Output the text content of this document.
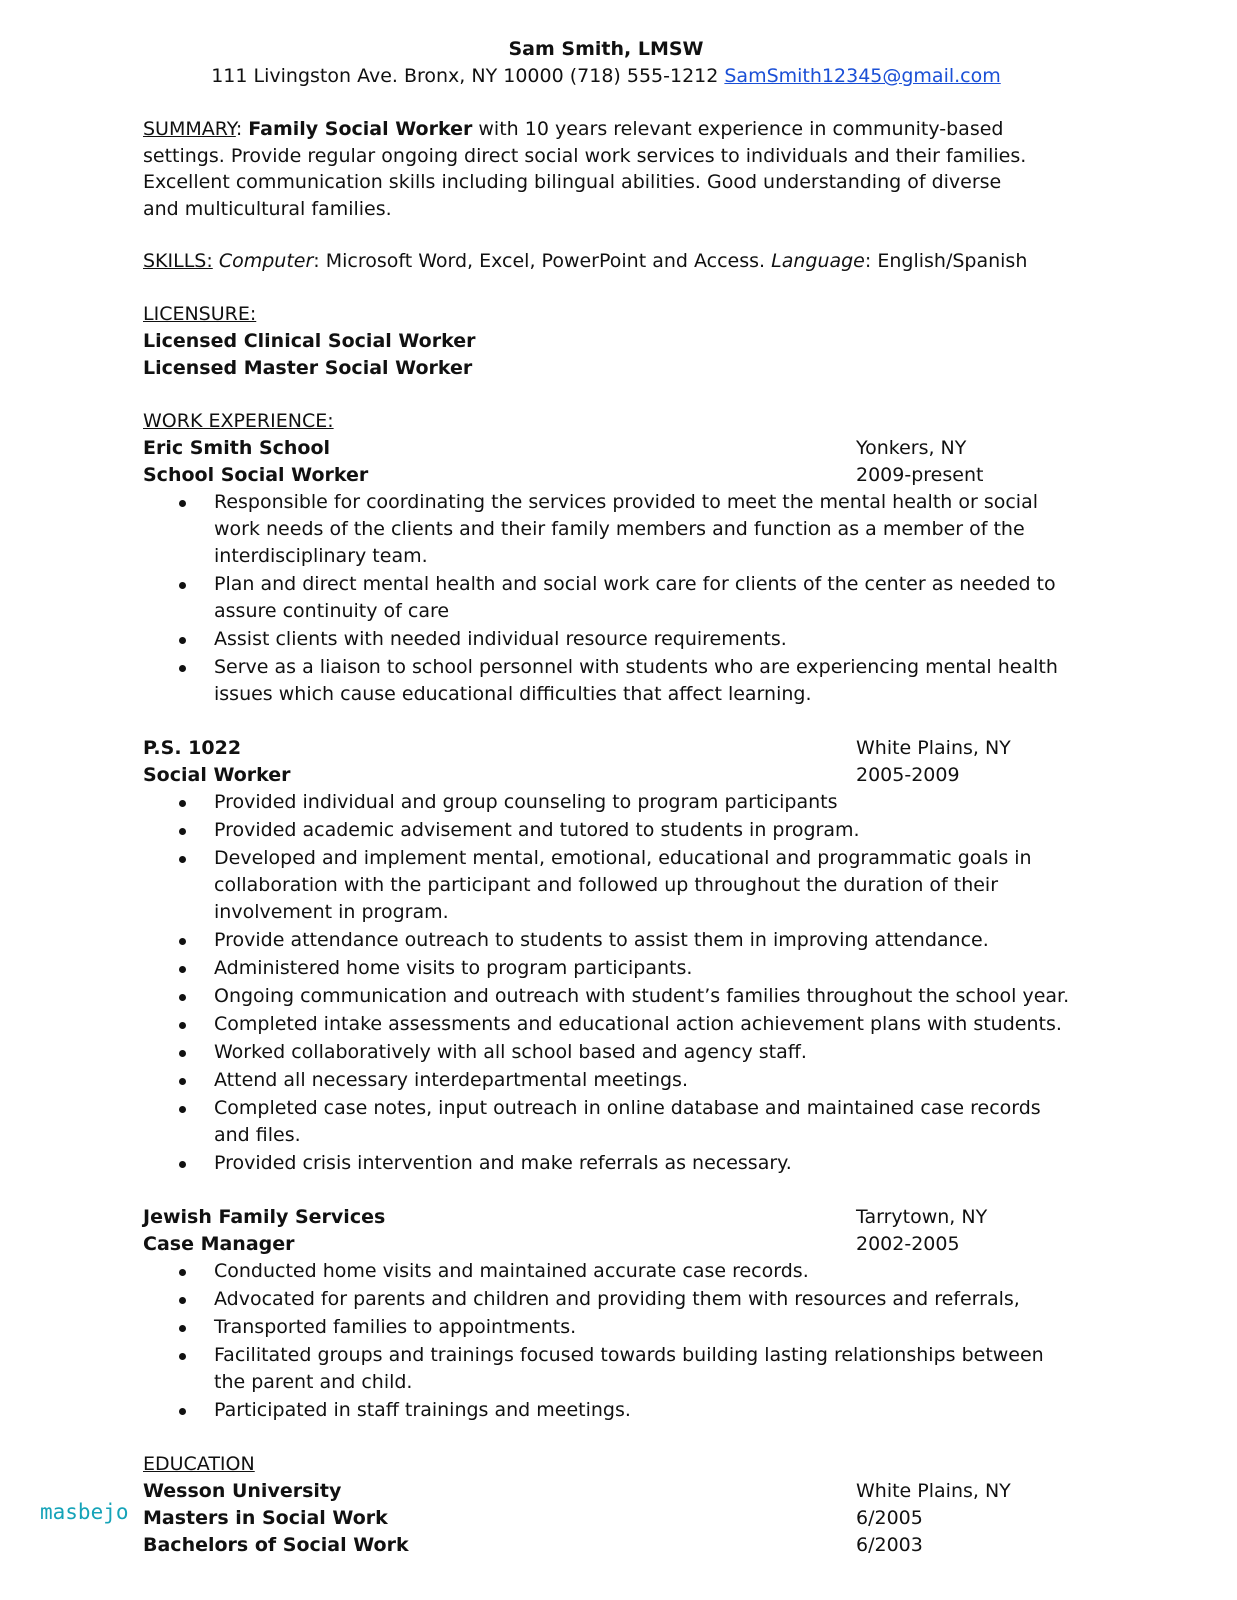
Sam Smith, LMSW
111 Livingston Ave. Bronx, NY 10000 (718) 555-1212 SamSmith12345@gmail.com
SUMMARY: Family Social Worker with 10 years relevant experience in community-based settings. Provide regular ongoing direct social work services to individuals and their families. Excellent communication skills including bilingual abilities. Good understanding of diverse and multicultural families.
SKILLS: Computer: Microsoft Word, Excel, PowerPoint and Access. Language: English/Spanish
LICENSURE:
Licensed Clinical Social Worker
Licensed Master Social Worker
WORK EXPERIENCE:
Eric Smith School	Yonkers, NY
School Social Worker	2009-present
Responsible for coordinating the services provided to meet the mental health or social work needs of the clients and their family members and function as a member of the interdisciplinary team.
Plan and direct mental health and social work care for clients of the center as needed to assure continuity of care
Assist clients with needed individual resource requirements.
Serve as a liaison to school personnel with students who are experiencing mental health issues which cause educational difficulties that affect learning.
P.S. 1022	White Plains, NY
Social Worker	2005-2009
Provided individual and group counseling to program participants
Provided academic advisement and tutored to students in program.
Developed and implement mental, emotional, educational and programmatic goals in collaboration with the participant and followed up throughout the duration of their involvement in program.
Provide attendance outreach to students to assist them in improving attendance.
Administered home visits to program participants.
Ongoing communication and outreach with student’s families throughout the school year.
Completed intake assessments and educational action achievement plans with students.
Worked collaboratively with all school based and agency staff.
Attend all necessary interdepartmental meetings.
Completed case notes, input outreach in online database and maintained case records and files.
Provided crisis intervention and make referrals as necessary.
Jewish Family Services	Tarrytown, NY
Case Manager	2002-2005
Conducted home visits and maintained accurate case records.
Advocated for parents and children and providing them with resources and referrals,
Transported families to appointments.
Facilitated groups and trainings focused towards building lasting relationships between the parent and child.
Participated in staff trainings and meetings.
EDUCATION
Wesson University	White Plains, NY
Masters in Social Work	6/2005
Bachelors of Social Work	6/2003
masbejo
